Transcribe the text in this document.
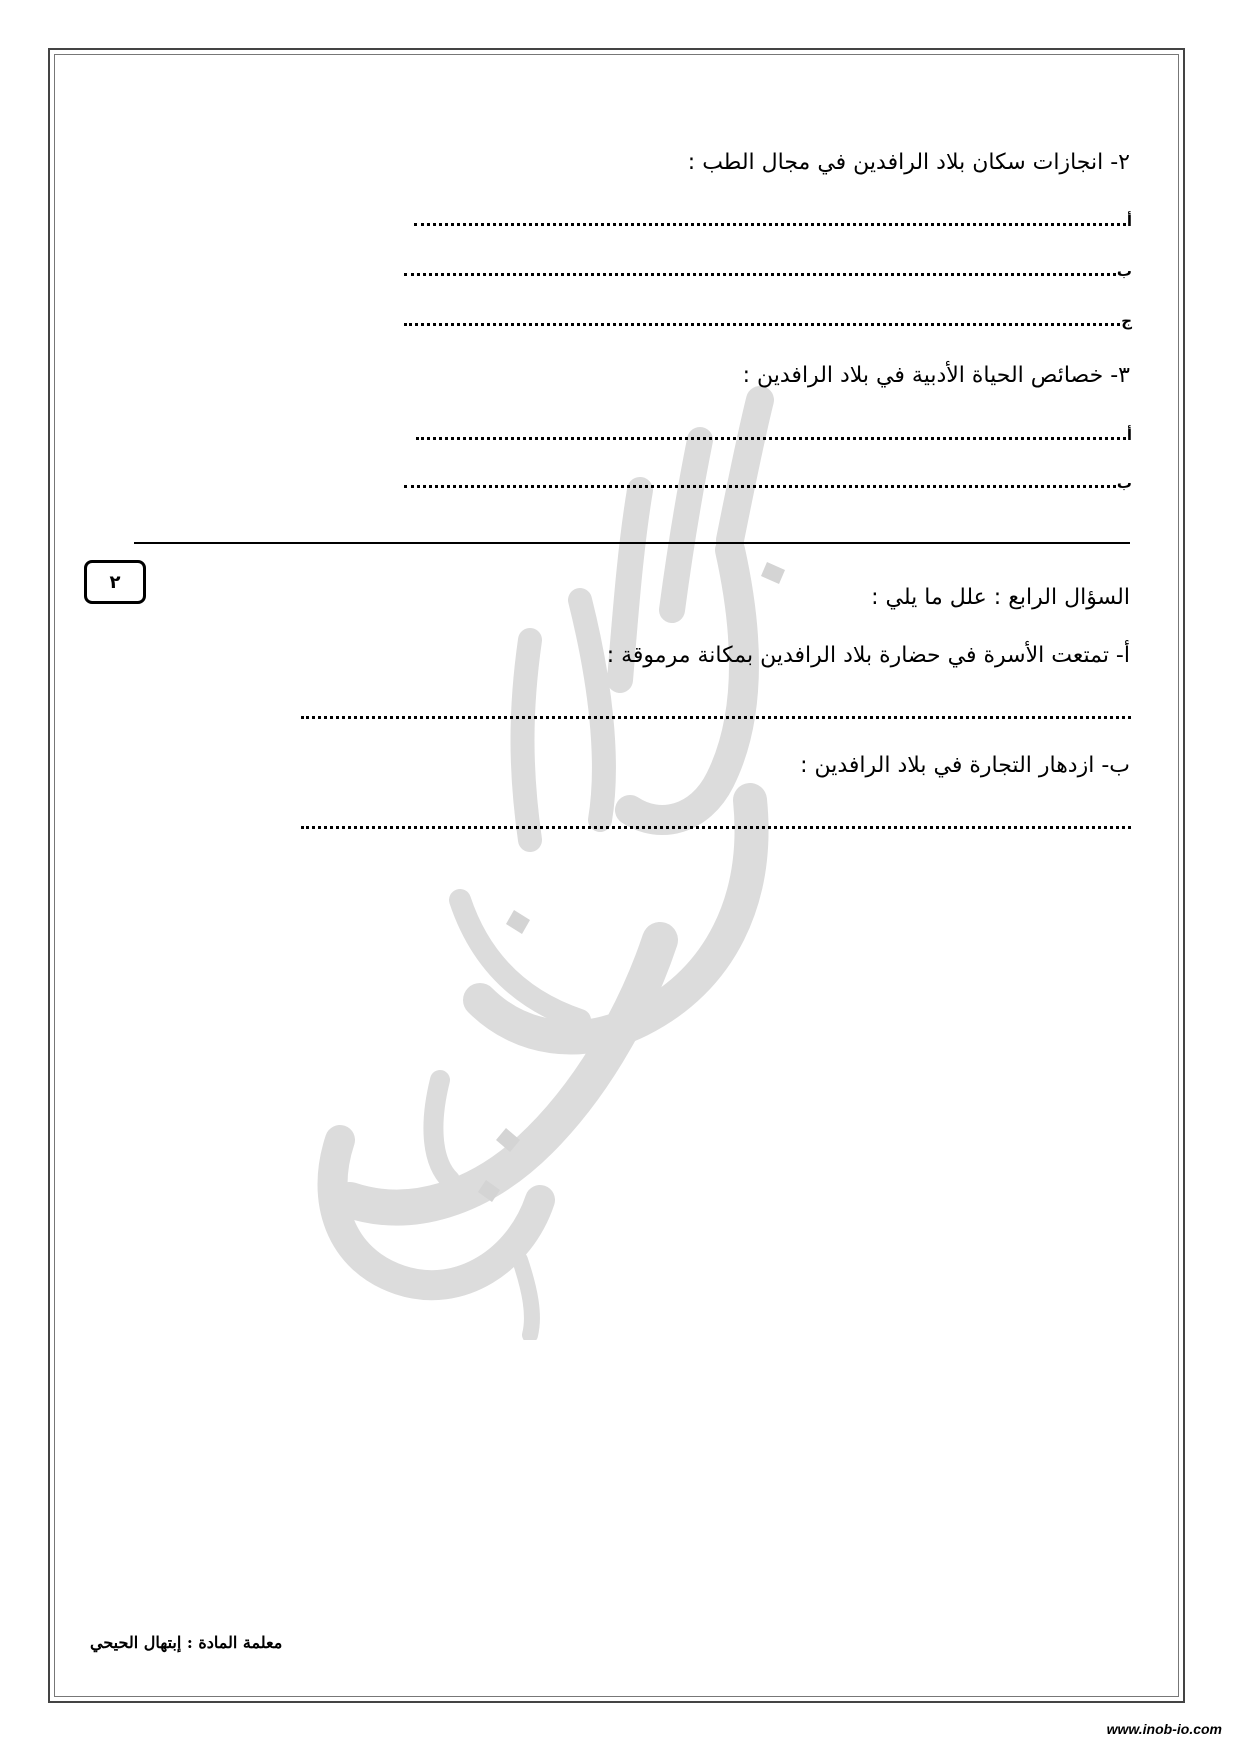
٢- انجازات سكان بلاد الرافدين في مجال الطب :
أ
ب
ج
٣- خصائص الحياة الأدبية في بلاد الرافدين :
أ
ب
٢
السؤال الرابع : علل ما يلي :
أ- تمتعت الأسرة في حضارة بلاد الرافدين بمكانة مرموقة :
ب- ازدهار التجارة في بلاد الرافدين :
معلمة المادة : إبتهال الحيحي
www.inob-io.com
